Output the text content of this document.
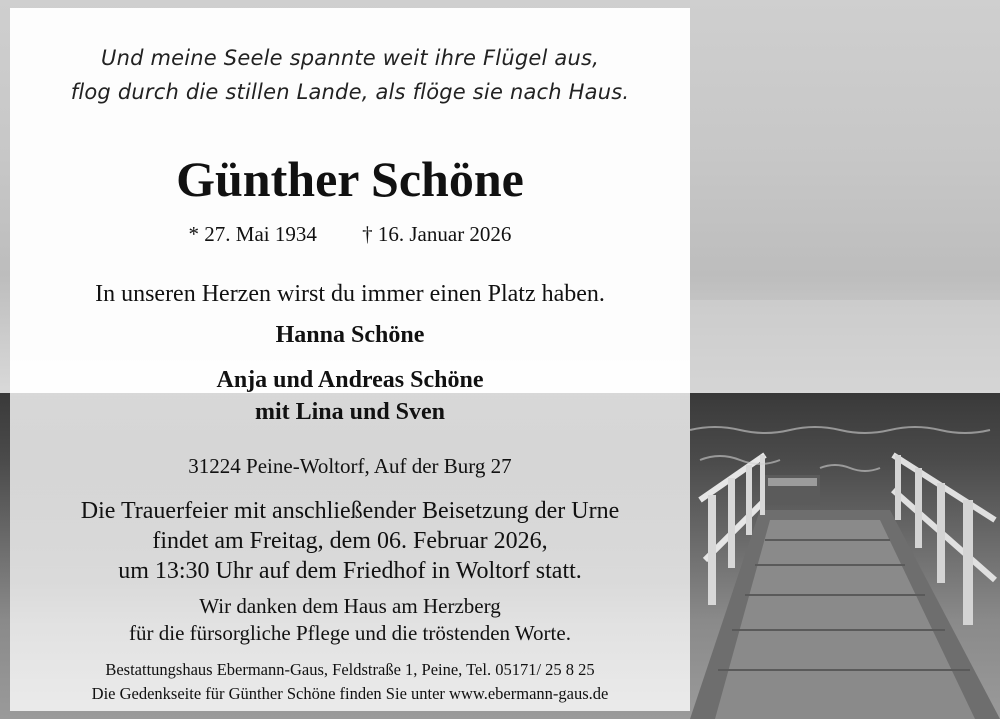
Und meine Seele spannte weit ihre Flügel aus,
flog durch die stillen Lande, als flöge sie nach Haus.
Günther Schöne
* 27. Mai 1934 † 16. Januar 2026
In unseren Herzen wirst du immer einen Platz haben.
Hanna Schöne
Anja und Andreas Schöne
mit Lina und Sven
31224 Peine-Woltorf, Auf der Burg 27
Die Trauerfeier mit anschließender Beisetzung der Urne
findet am Freitag, dem 06. Februar 2026,
um 13:30 Uhr auf dem Friedhof in Woltorf statt.
Wir danken dem Haus am Herzberg
für die fürsorgliche Pflege und die tröstenden Worte.
Bestattungshaus Ebermann-Gaus, Feldstraße 1, Peine, Tel. 05171/ 25 8 25
Die Gedenkseite für Günther Schöne finden Sie unter www.ebermann-gaus.de
